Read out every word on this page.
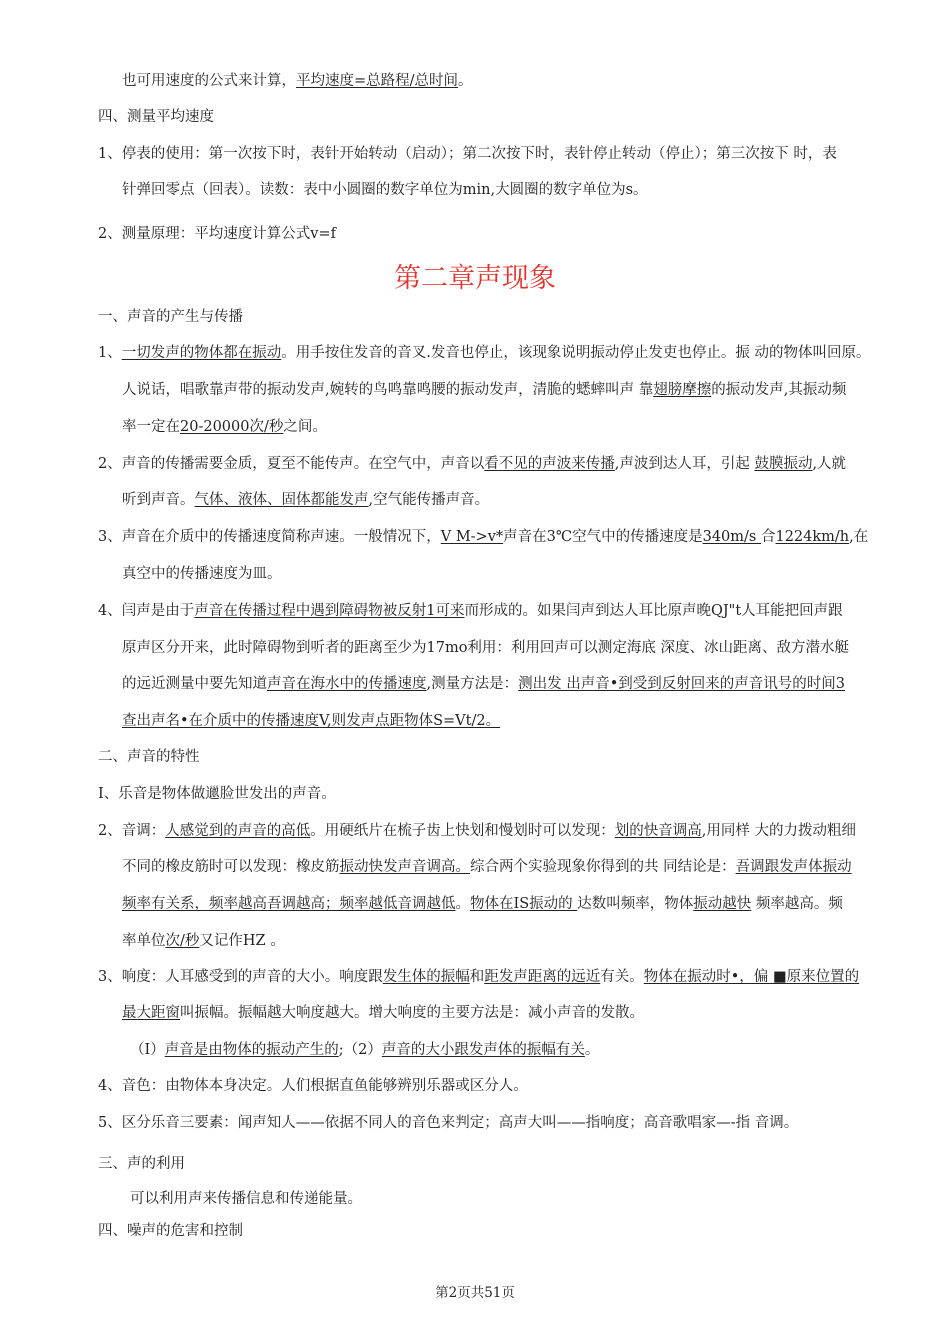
也可用速度的公式来计算，平均速度=总路程/总时间。
四、测量平均速度
1、停表的使用：第一次按下时，表针开始转动（启动）；第二次按下时，表针停止转动（停止）；第三次按下 时，表
针弹回零点（回表）。读数：表中小圆圈的数字单位为min,大圆圈的数字单位为s。
2、测量原理：平均速度计算公式v=f
第二章声现象
一、声音的产生与传播
1、一切发声的物体都在振动。用手按住发音的音叉.发音也停止，该现象说明振动停止发吏也停止。振 动的物体叫回原。
人说话，唱歌靠声带的振动发声,婉转的鸟鸣靠鸣腰的振动发声，清脆的蟋蟀叫声 靠翅膀摩擦的振动发声,其振动频
率一定在20-20000次/秒之间。
2、声音的传播需要金质，夏至不能传声。在空气中，声音以看不见的声波来传播,声波到达人耳，引起 鼓膜振动,人就
听到声音。气体、液体、固体都能发声,空气能传播声音。
3、声音在介质中的传播速度简称声速。一般情况下，V M->v*声音在3℃空气中的传播速度是340m/s 合1224km/h,在
真空中的传播速度为皿。
4、闫声是由于声音在传播过程中遇到障碍物被反射1可来而形成的。如果闫声到达人耳比原声晚QJ"t人耳能把回声跟
原声区分开来，此时障碍物到听者的距离至少为17mo利用：利用回声可以测定海底 深度、冰山距离、敌方潜水艇
的远近测量中要先知道声音在海水中的传播速度,测量方法是：测出发 出声音•到受到反射回来的声音讯号的时间3
查出声名•在介质中的传播速度V,则发声点距物体S=Vt/2。
二、声音的特性
I、乐音是物体做邋脸世发出的声音。
2、音调：人感觉到的声音的高低。用硬纸片在梳子齿上快划和慢划时可以发现：划的快音调高,用同样 大的力拨动粗细
不同的橡皮筋时可以发现：橡皮筋振动快发声音调高。综合两个实验现象你得到的共 同结论是：吾调跟发声体振动
频率有关系，频率越高吾调越高；频率越低音调越低。物体在IS振动的 达数叫频率，物体振动越快 频率越高。频
率单位次/秒又记作HZ 。
3、响度：人耳感受到的声音的大小。响度跟发生体的振幅和距发声距离的远近有关。物体在振动时•，偏 ■原来位置的
最大距窗叫振幅。振幅越大响度越大。增大响度的主要方法是：减小声音的发散。
（I）声音是由物体的振动产生的;（2）声音的大小跟发声体的振幅有关。
4、音色：由物体本身决定。人们根据直鱼能够辨别乐器或区分人。
5、区分乐音三要素：闻声知人——依据不同人的音色来判定；高声大叫——指响度；高音歌唱家—-指 音调。
三、声的利用
可以利用声来传播信息和传递能量。
四、噪声的危害和控制
第2页共51页
